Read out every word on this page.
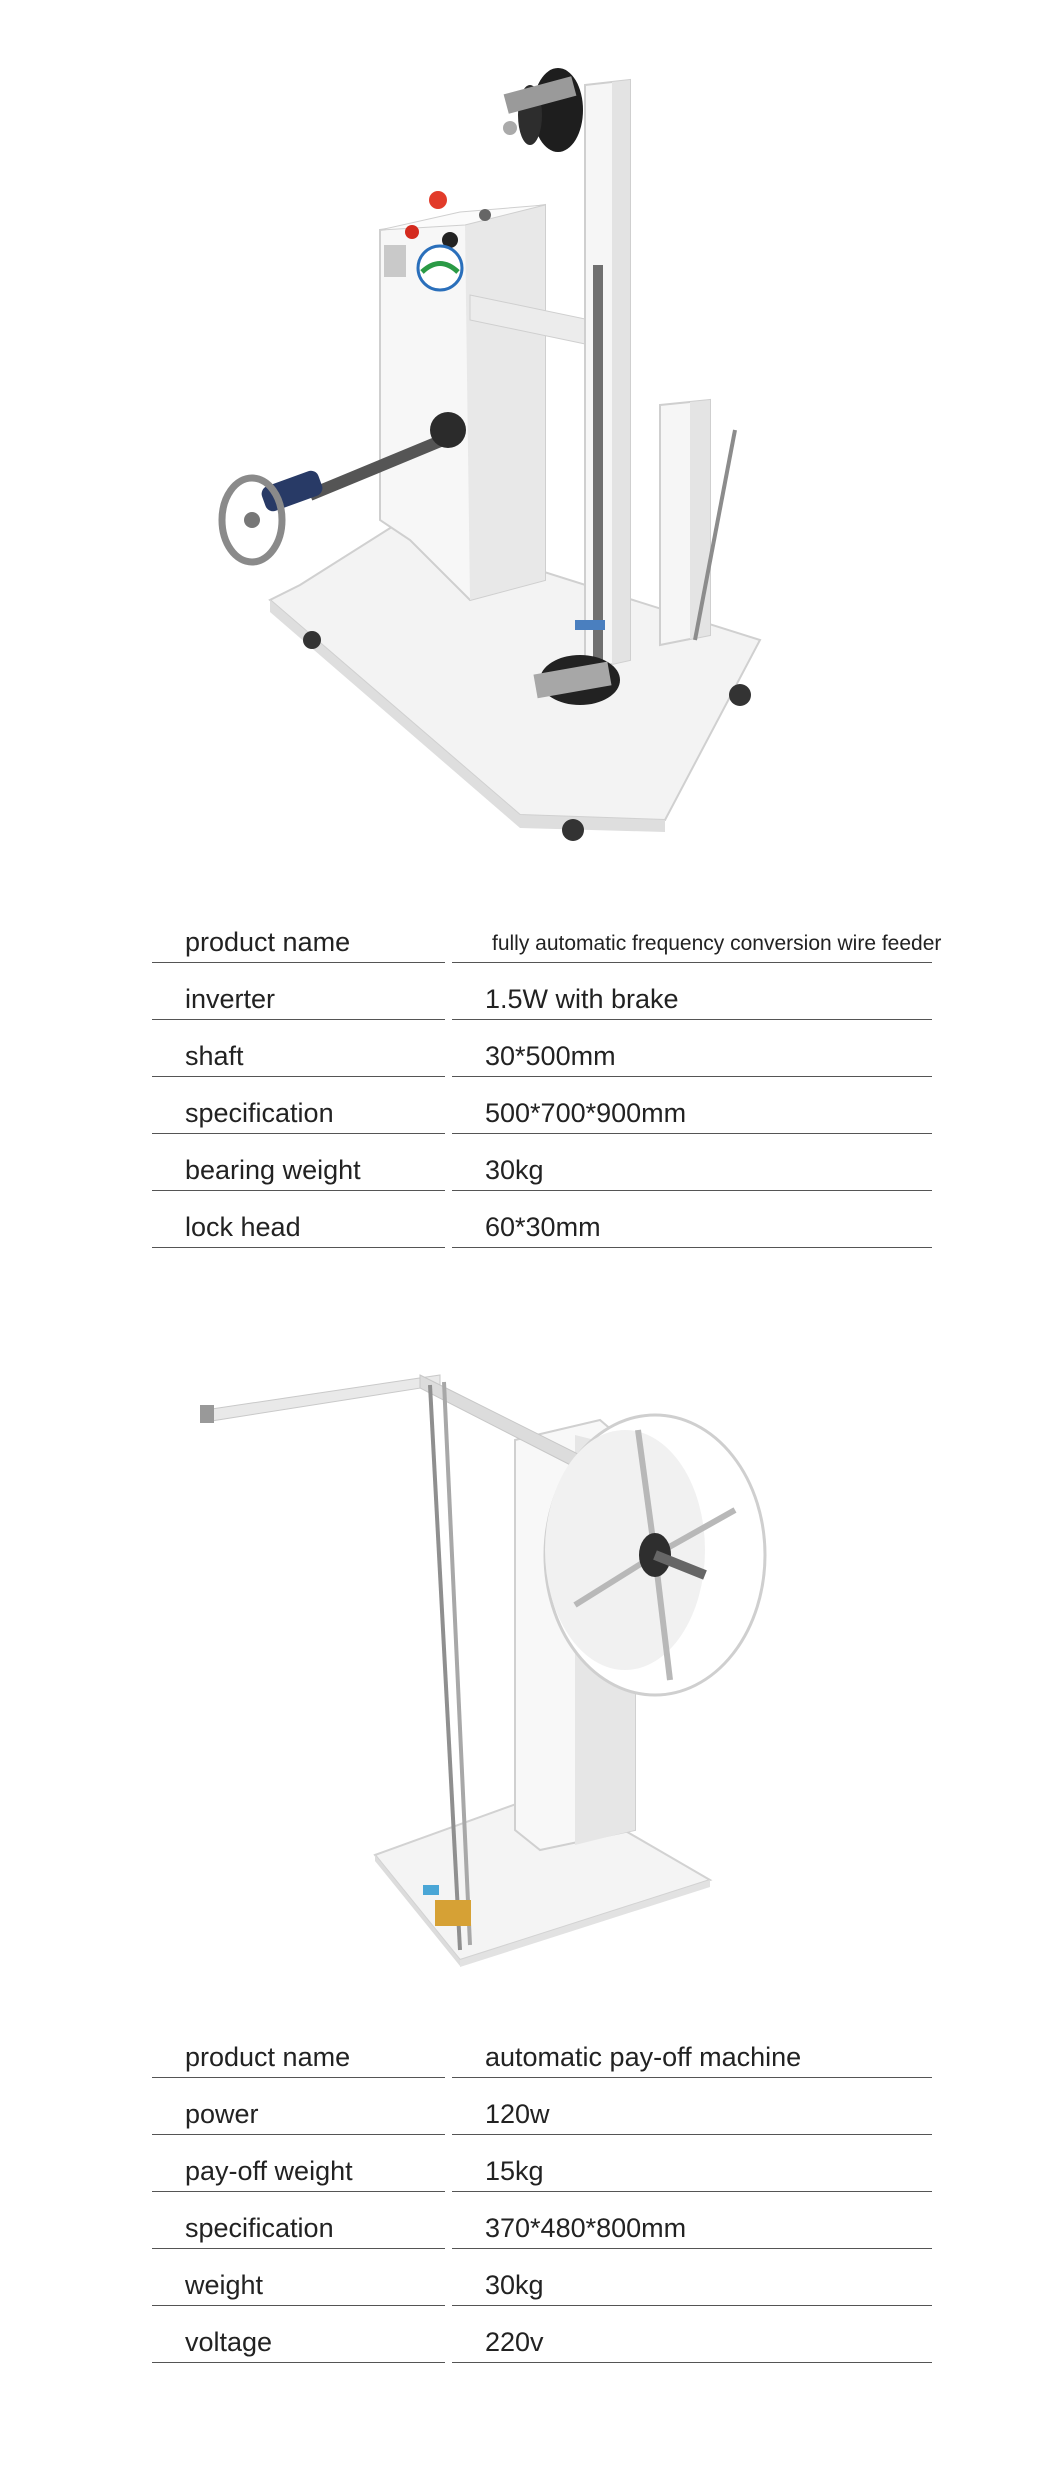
product name	fully automatic frequency conversion wire feeder
inverter	1.5W with brake
shaft	30*500mm
specification	500*700*900mm
bearing weight	30kg
lock head	60*30mm
product name	automatic pay-off machine
power	120w
pay-off weight	15kg
specification	370*480*800mm
weight	30kg
voltage	220v
